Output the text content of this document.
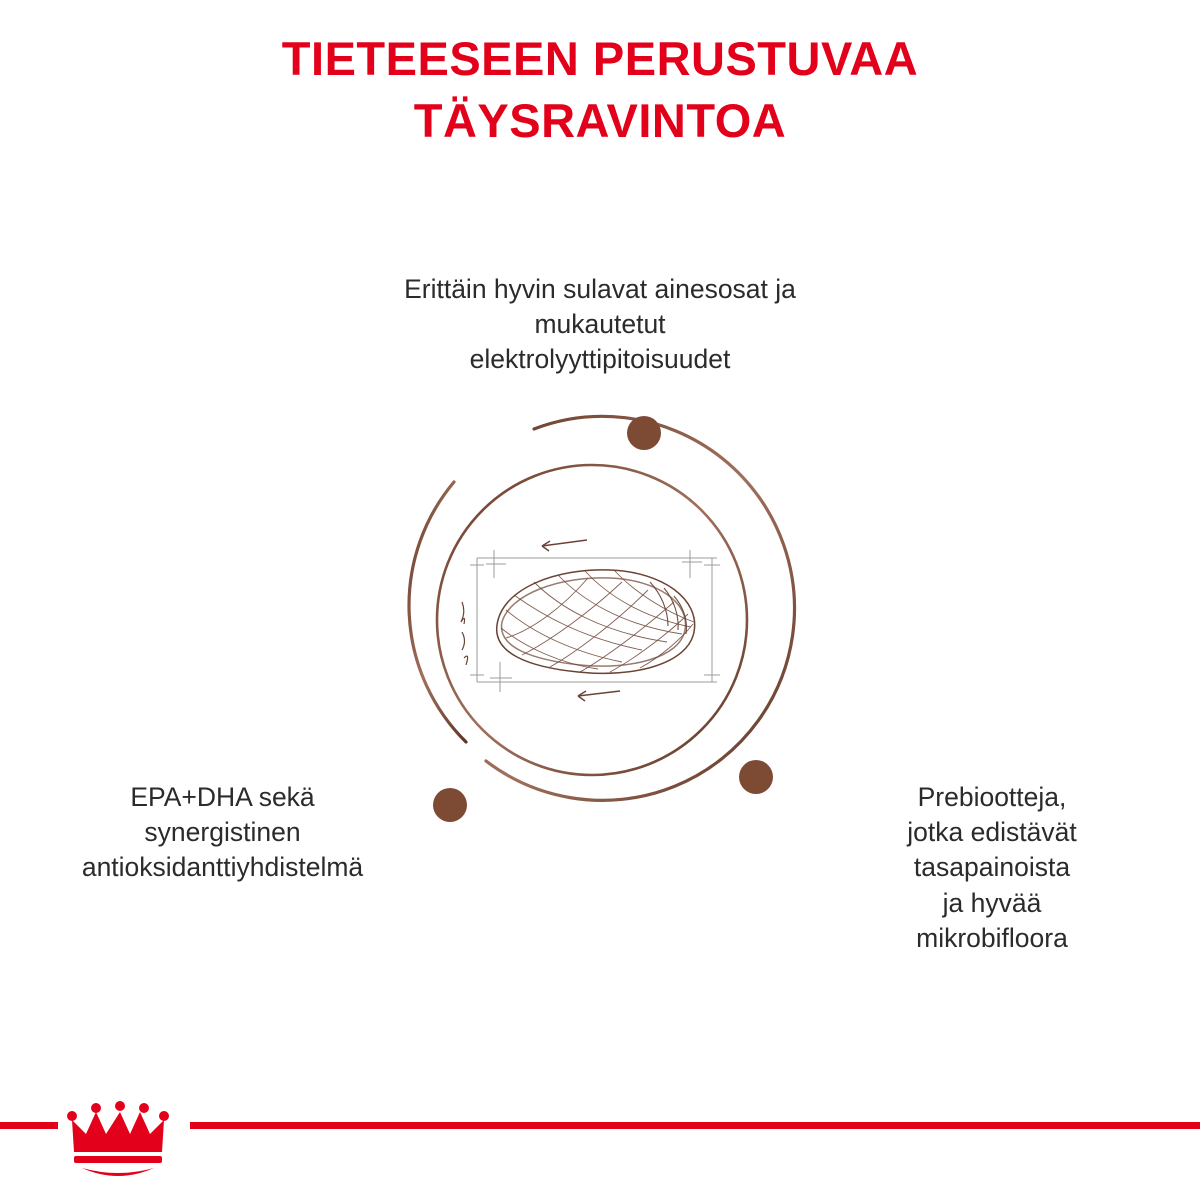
TIETEESEEN PERUSTUVAA
TÄYSRAVINTOA
Erittäin hyvin sulavat ainesosat ja
mukautetut
elektrolyyttipitoisuudet
EPA+DHA sekä
synergistinen
antioksidanttiyhdistelmä
Prebiootteja,
jotka edistävät
tasapainoista
ja hyvää
mikrobifloora
